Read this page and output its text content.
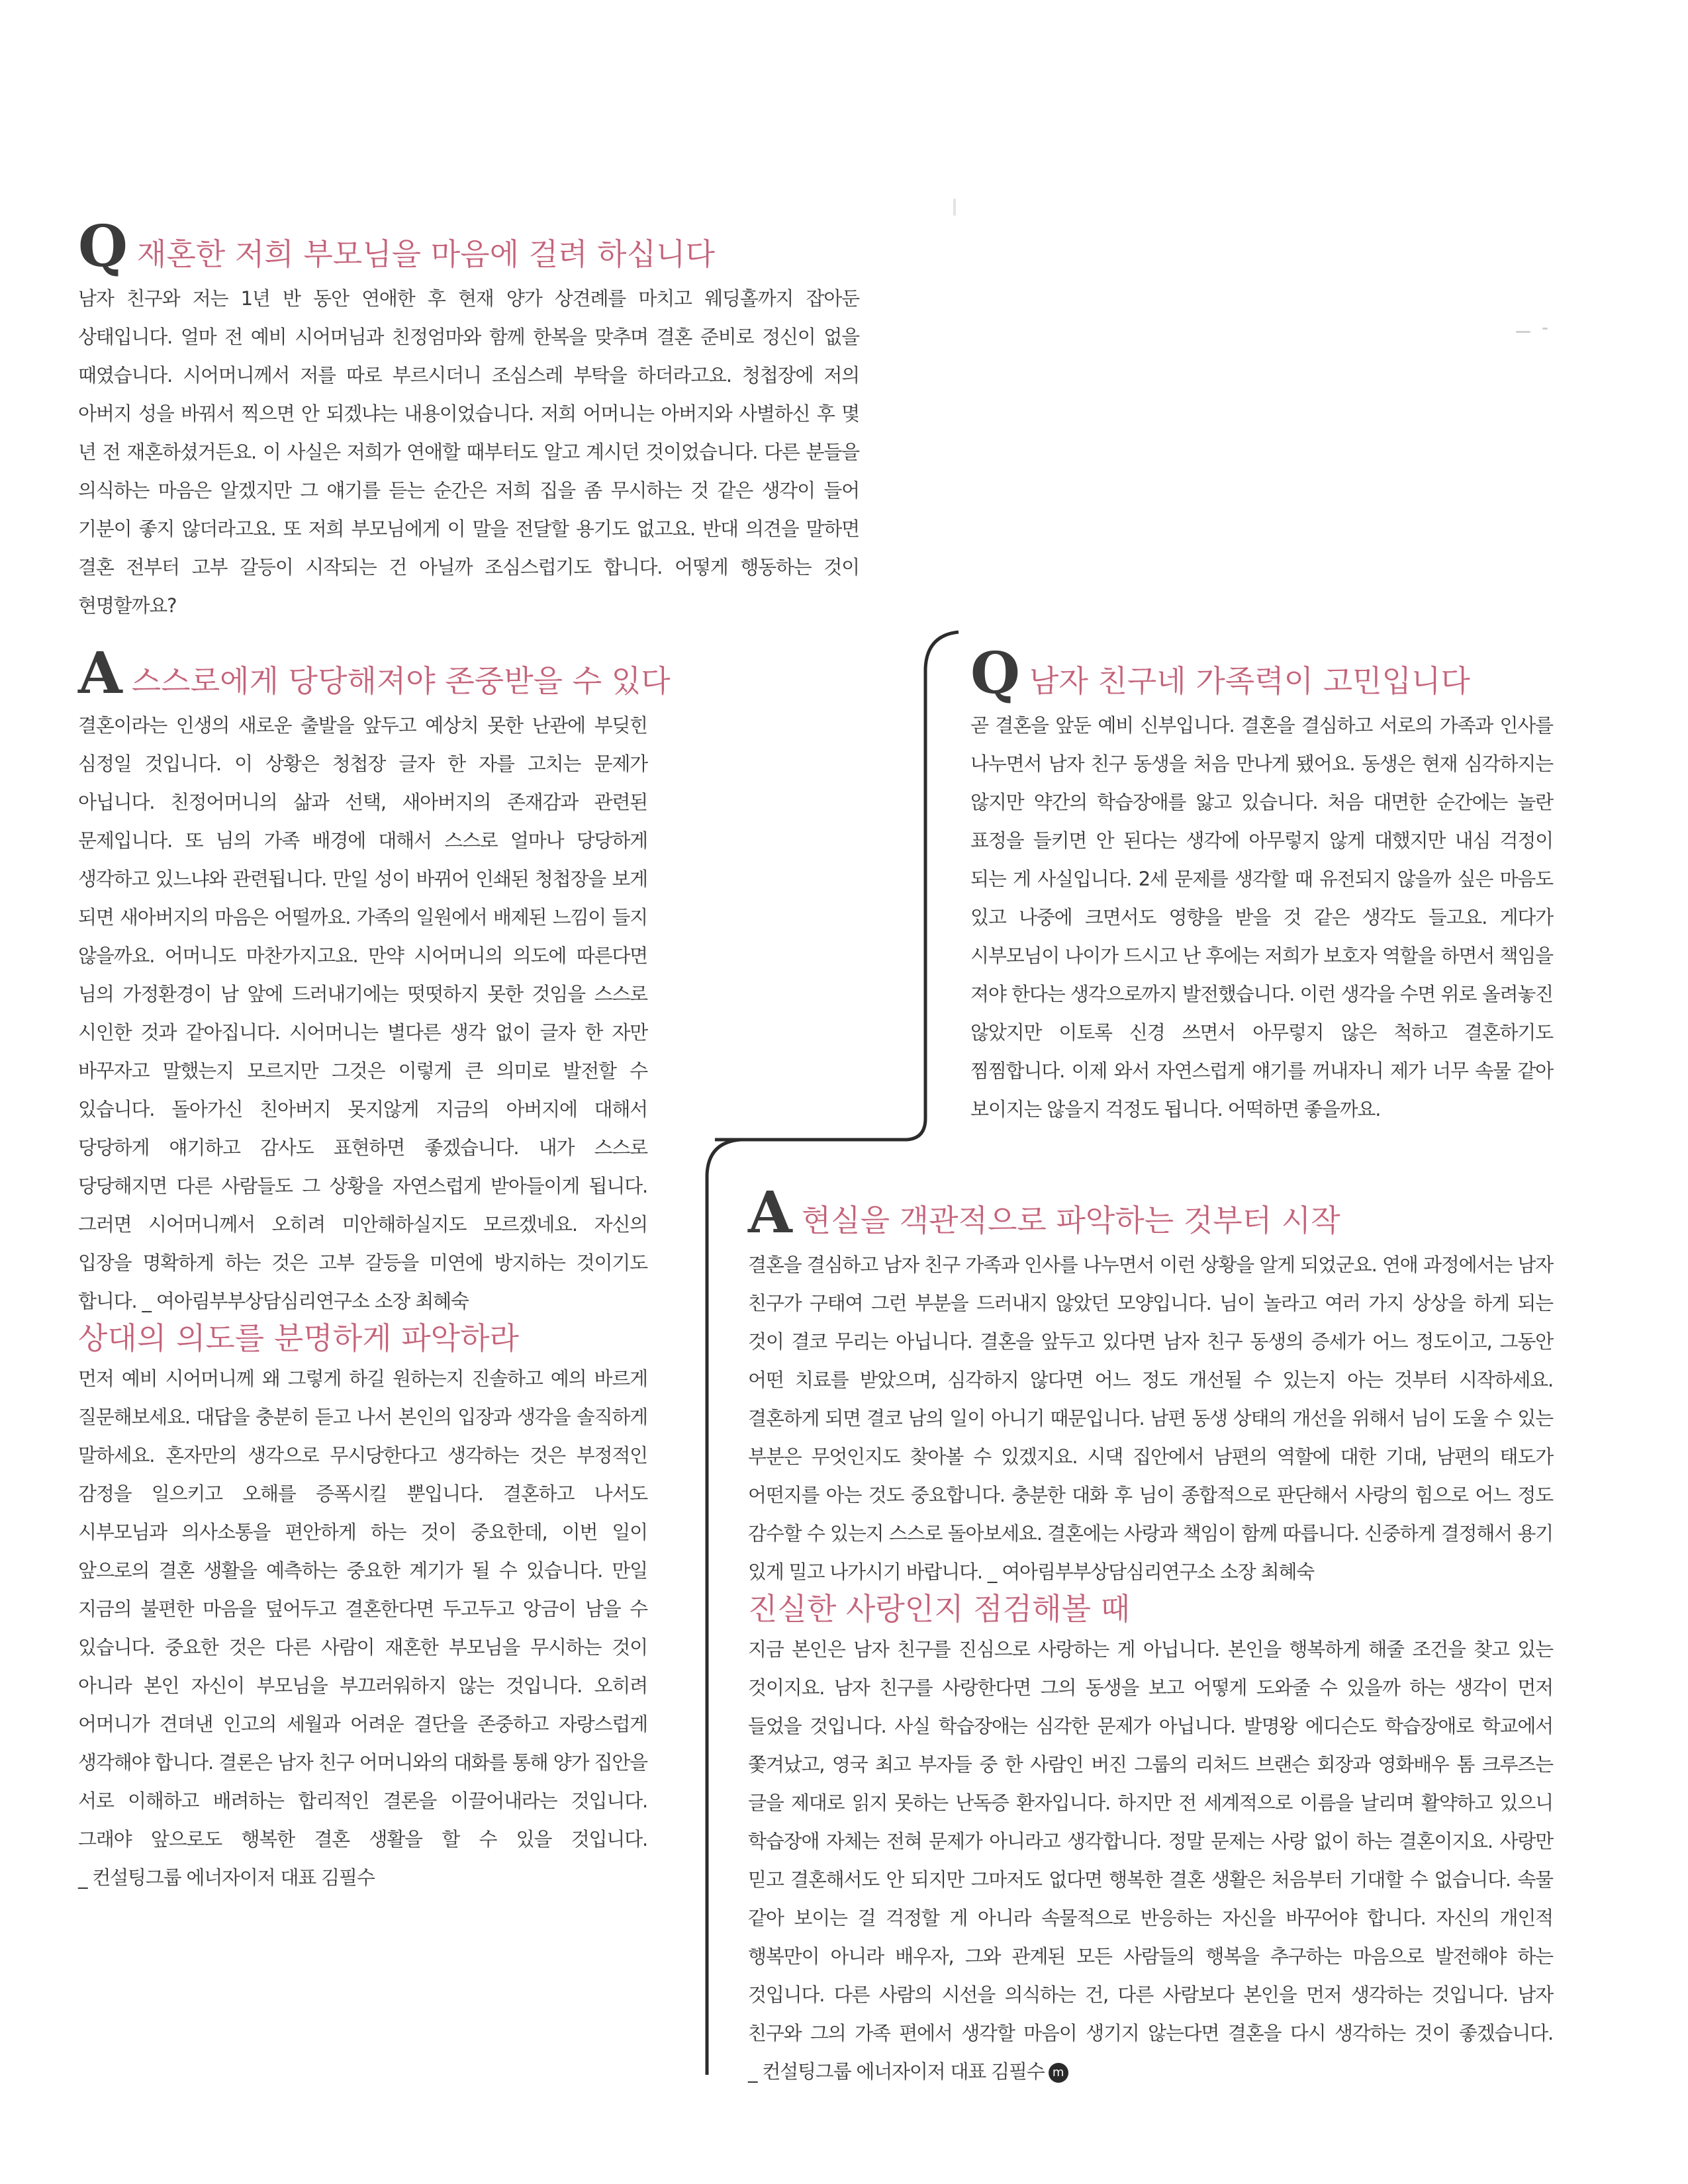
Q 재혼한 저희 부모님을 마음에 걸려 하십니다

남자 친구와 저는 1년 반 동안 연애한 후 현재 양가 상견례를 마치고 웨딩홀까지 잡아둔 상태입니다. 얼마 전 예비 시어머님과 친정엄마와 함께 한복을 맞추며 결혼 준비로 정신이 없을 때였습니다. 시어머니께서 저를 따로 부르시더니 조심스레 부탁을 하더라고요. 청첩장에 저의 아버지 성을 바꿔서 찍으면 안 되겠냐는 내용이었습니다. 저희 어머니는 아버지와 사별하신 후 몇 년 전 재혼하셨거든요. 이 사실은 저희가 연애할 때부터도 알고 계시던 것이었습니다. 다른 분들을 의식하는 마음은 알겠지만 그 얘기를 듣는 순간은 저희 집을 좀 무시하는 것 같은 생각이 들어 기분이 좋지 않더라고요. 또 저희 부모님에게 이 말을 전달할 용기도 없고요. 반대 의견을 말하면 결혼 전부터 고부 갈등이 시작되는 건 아닐까 조심스럽기도 합니다. 어떻게 행동하는 것이 현명할까요?

A 스스로에게 당당해져야 존중받을 수 있다

결혼이라는 인생의 새로운 출발을 앞두고 예상치 못한 난관에 부딪힌 심정일 것입니다. 이 상황은 청첩장 글자 한 자를 고치는 문제가 아닙니다. 친정어머니의 삶과 선택, 새아버지의 존재감과 관련된 문제입니다. 또 님의 가족 배경에 대해서 스스로 얼마나 당당하게 생각하고 있느냐와 관련됩니다. 만일 성이 바뀌어 인쇄된 청첩장을 보게 되면 새아버지의 마음은 어떨까요. 가족의 일원에서 배제된 느낌이 들지 않을까요. 어머니도 마찬가지고요. 만약 시어머니의 의도에 따른다면 님의 가정환경이 남 앞에 드러내기에는 떳떳하지 못한 것임을 스스로 시인한 것과 같아집니다. 시어머니는 별다른 생각 없이 글자 한 자만 바꾸자고 말했는지 모르지만 그것은 이렇게 큰 의미로 발전할 수 있습니다. 돌아가신 친아버지 못지않게 지금의 아버지에 대해서 당당하게 얘기하고 감사도 표현하면 좋겠습니다. 내가 스스로 당당해지면 다른 사람들도 그 상황을 자연스럽게 받아들이게 됩니다. 그러면 시어머니께서 오히려 미안해하실지도 모르겠네요. 자신의 입장을 명확하게 하는 것은 고부 갈등을 미연에 방지하는 것이기도 합니다. _ 여아림부부상담심리연구소 소장 최혜숙

상대의 의도를 분명하게 파악하라

먼저 예비 시어머니께 왜 그렇게 하길 원하는지 진솔하고 예의 바르게 질문해보세요. 대답을 충분히 듣고 나서 본인의 입장과 생각을 솔직하게 말하세요. 혼자만의 생각으로 무시당한다고 생각하는 것은 부정적인 감정을 일으키고 오해를 증폭시킬 뿐입니다. 결혼하고 나서도 시부모님과 의사소통을 편안하게 하는 것이 중요한데, 이번 일이 앞으로의 결혼 생활을 예측하는 중요한 계기가 될 수 있습니다. 만일 지금의 불편한 마음을 덮어두고 결혼한다면 두고두고 앙금이 남을 수 있습니다. 중요한 것은 다른 사람이 재혼한 부모님을 무시하는 것이 아니라 본인 자신이 부모님을 부끄러워하지 않는 것입니다. 오히려 어머니가 견뎌낸 인고의 세월과 어려운 결단을 존중하고 자랑스럽게 생각해야 합니다. 결론은 남자 친구 어머니와의 대화를 통해 양가 집안을 서로 이해하고 배려하는 합리적인 결론을 이끌어내라는 것입니다. 그래야 앞으로도 행복한 결혼 생활을 할 수 있을 것입니다. _ 컨설팅그룹 에너자이저 대표 김필수

Q 남자 친구네 가족력이 고민입니다

곧 결혼을 앞둔 예비 신부입니다. 결혼을 결심하고 서로의 가족과 인사를 나누면서 남자 친구 동생을 처음 만나게 됐어요. 동생은 현재 심각하지는 않지만 약간의 학습장애를 앓고 있습니다. 처음 대면한 순간에는 놀란 표정을 들키면 안 된다는 생각에 아무렇지 않게 대했지만 내심 걱정이 되는 게 사실입니다. 2세 문제를 생각할 때 유전되지 않을까 싶은 마음도 있고 나중에 크면서도 영향을 받을 것 같은 생각도 들고요. 게다가 시부모님이 나이가 드시고 난 후에는 저희가 보호자 역할을 하면서 책임을 져야 한다는 생각으로까지 발전했습니다. 이런 생각을 수면 위로 올려놓진 않았지만 이토록 신경 쓰면서 아무렇지 않은 척하고 결혼하기도 찜찜합니다. 이제 와서 자연스럽게 얘기를 꺼내자니 제가 너무 속물 같아 보이지는 않을지 걱정도 됩니다. 어떡하면 좋을까요.

A 현실을 객관적으로 파악하는 것부터 시작

결혼을 결심하고 남자 친구 가족과 인사를 나누면서 이런 상황을 알게 되었군요. 연애 과정에서는 남자 친구가 구태여 그런 부분을 드러내지 않았던 모양입니다. 님이 놀라고 여러 가지 상상을 하게 되는 것이 결코 무리는 아닙니다. 결혼을 앞두고 있다면 남자 친구 동생의 증세가 어느 정도이고, 그동안 어떤 치료를 받았으며, 심각하지 않다면 어느 정도 개선될 수 있는지 아는 것부터 시작하세요. 결혼하게 되면 결코 남의 일이 아니기 때문입니다. 남편 동생 상태의 개선을 위해서 님이 도울 수 있는 부분은 무엇인지도 찾아볼 수 있겠지요. 시댁 집안에서 남편의 역할에 대한 기대, 남편의 태도가 어떤지를 아는 것도 중요합니다. 충분한 대화 후 님이 종합적으로 판단해서 사랑의 힘으로 어느 정도 감수할 수 있는지 스스로 돌아보세요. 결혼에는 사랑과 책임이 함께 따릅니다. 신중하게 결정해서 용기 있게 밀고 나가시기 바랍니다. _ 여아림부부상담심리연구소 소장 최혜숙

진실한 사랑인지 점검해볼 때

지금 본인은 남자 친구를 진심으로 사랑하는 게 아닙니다. 본인을 행복하게 해줄 조건을 찾고 있는 것이지요. 남자 친구를 사랑한다면 그의 동생을 보고 어떻게 도와줄 수 있을까 하는 생각이 먼저 들었을 것입니다. 사실 학습장애는 심각한 문제가 아닙니다. 발명왕 에디슨도 학습장애로 학교에서 쫓겨났고, 영국 최고 부자들 중 한 사람인 버진 그룹의 리처드 브랜슨 회장과 영화배우 톰 크루즈는 글을 제대로 읽지 못하는 난독증 환자입니다. 하지만 전 세계적으로 이름을 날리며 활약하고 있으니 학습장애 자체는 전혀 문제가 아니라고 생각합니다. 정말 문제는 사랑 없이 하는 결혼이지요. 사랑만 믿고 결혼해서도 안 되지만 그마저도 없다면 행복한 결혼 생활은 처음부터 기대할 수 없습니다. 속물 같아 보이는 걸 걱정할 게 아니라 속물적으로 반응하는 자신을 바꾸어야 합니다. 자신의 개인적 행복만이 아니라 배우자, 그와 관계된 모든 사람들의 행복을 추구하는 마음으로 발전해야 하는 것입니다. 다른 사람의 시선을 의식하는 건, 다른 사람보다 본인을 먼저 생각하는 것입니다. 남자 친구와 그의 가족 편에서 생각할 마음이 생기지 않는다면 결혼을 다시 생각하는 것이 좋겠습니다. _ 컨설팅그룹 에너자이저 대표 김필수 m
